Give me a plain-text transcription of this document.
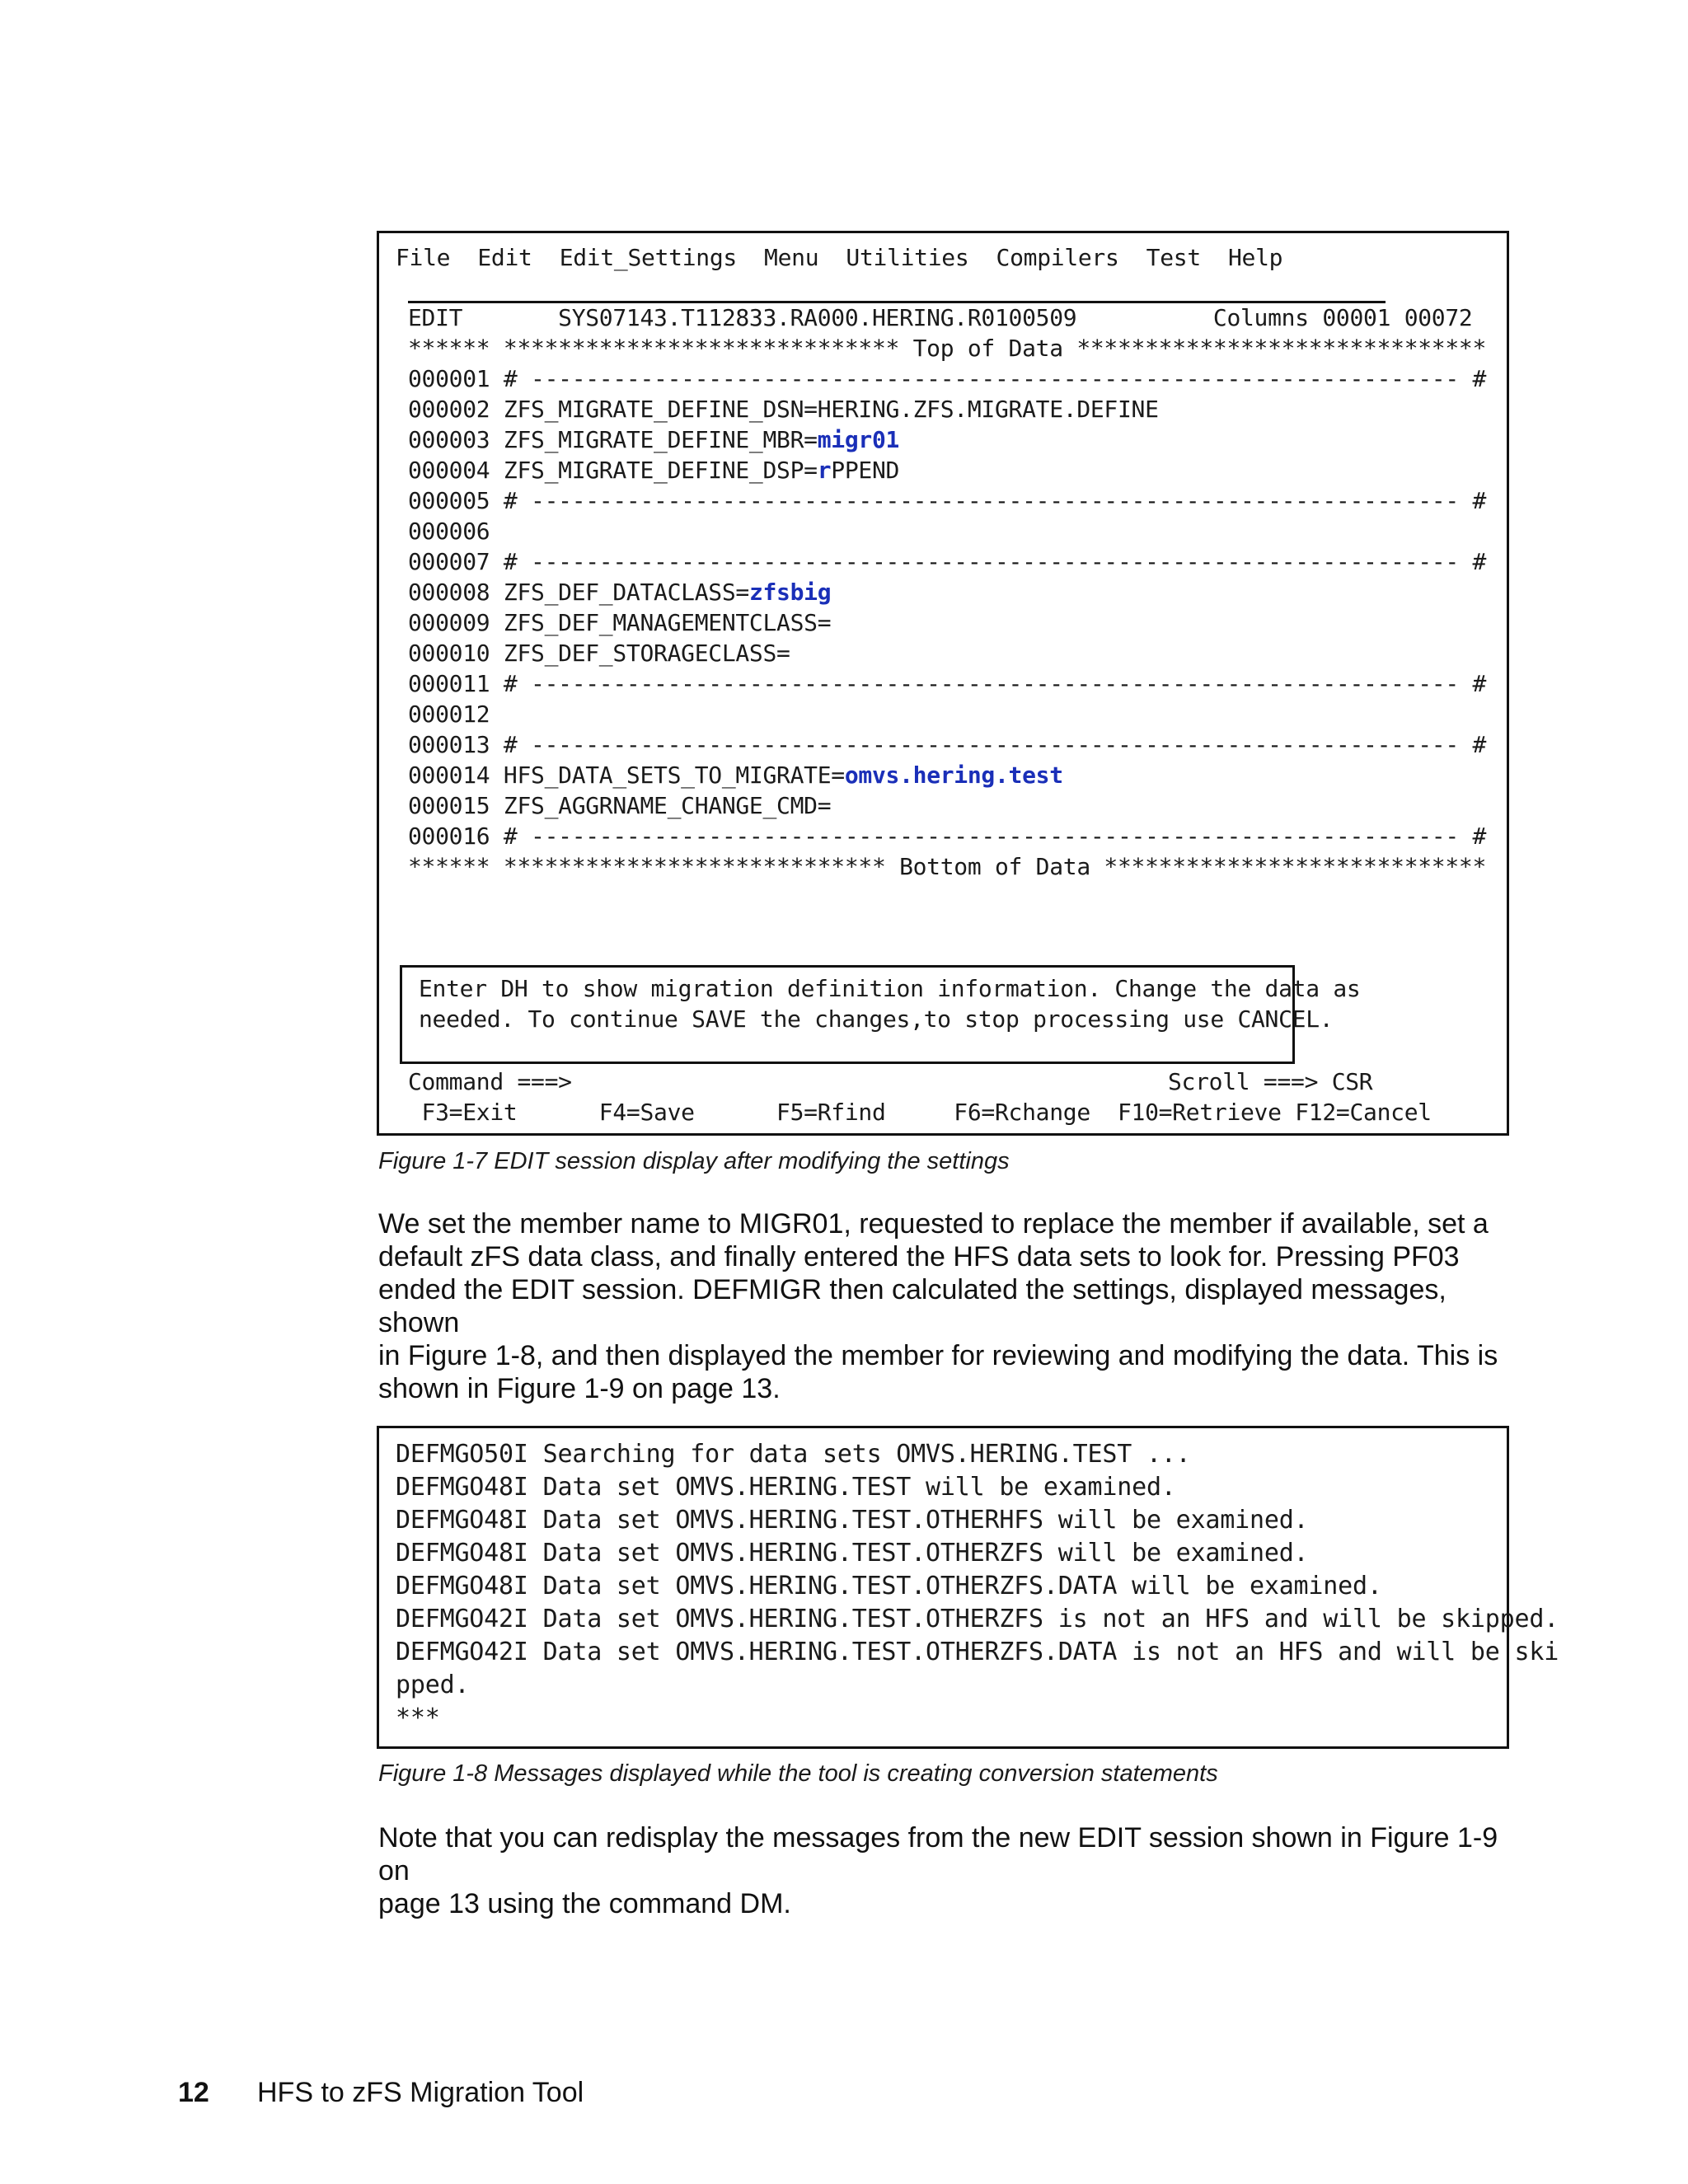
File  Edit  Edit_Settings  Menu  Utilities  Compilers  Test  Help
EDIT       SYS07143.T112833.RA000.HERING.R0100509          Columns 00001 00072
****** ***************************** Top of Data ******************************
000001 # -------------------------------------------------------------------- #
000002 ZFS_MIGRATE_DEFINE_DSN=HERING.ZFS.MIGRATE.DEFINE
000003 ZFS_MIGRATE_DEFINE_MBR=migr01
000004 ZFS_MIGRATE_DEFINE_DSP=rPPEND
000005 # -------------------------------------------------------------------- #
000006
000007 # -------------------------------------------------------------------- #
000008 ZFS_DEF_DATACLASS=zfsbig
000009 ZFS_DEF_MANAGEMENTCLASS=
000010 ZFS_DEF_STORAGECLASS=
000011 # -------------------------------------------------------------------- #
000012
000013 # -------------------------------------------------------------------- #
000014 HFS_DATA_SETS_TO_MIGRATE=omvs.hering.test
000015 ZFS_AGGRNAME_CHANGE_CMD=
000016 # -------------------------------------------------------------------- #
****** **************************** Bottom of Data ****************************
Enter DH to show migration definition information. Change the data as
needed. To continue SAVE the changes,to stop processing use CANCEL.
Command ===>	Scroll ===> CSR
F3=Exit      F4=Save      F5=Rfind     F6=Rchange  F10=Retrieve F12=Cancel
Figure 1-7 EDIT session display after modifying the settings

We set the member name to MIGR01, requested to replace the member if available, set a

default zFS data class, and finally entered the HFS data sets to look for. Pressing PF03

ended the EDIT session. DEFMIGR then calculated the settings, displayed messages, shown

in Figure 1-8, and then displayed the member for reviewing and modifying the data. This is

shown in Figure 1-9 on page 13.

DEFMGO50I Searching for data sets OMVS.HERING.TEST ...
DEFMGO48I Data set OMVS.HERING.TEST will be examined.
DEFMGO48I Data set OMVS.HERING.TEST.OTHERHFS will be examined.
DEFMGO48I Data set OMVS.HERING.TEST.OTHERZFS will be examined.
DEFMGO48I Data set OMVS.HERING.TEST.OTHERZFS.DATA will be examined.
DEFMGO42I Data set OMVS.HERING.TEST.OTHERZFS is not an HFS and will be skipped.
DEFMGO42I Data set OMVS.HERING.TEST.OTHERZFS.DATA is not an HFS and will be ski
pped.
***
Figure 1-8 Messages displayed while the tool is creating conversion statements

Note that you can redisplay the messages from the new EDIT session shown in Figure 1-9 on

page 13 using the command DM.

12 HFS to zFS Migration Tool
